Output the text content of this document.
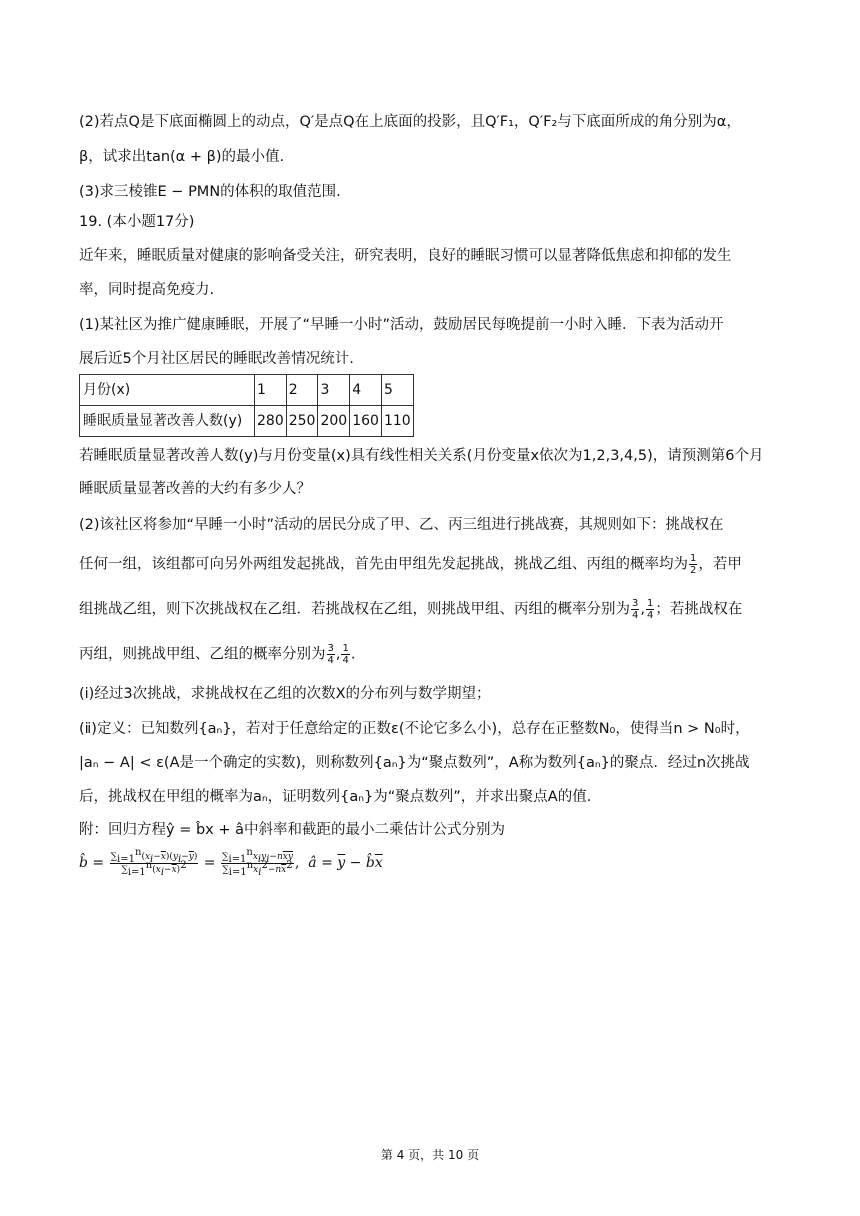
(2)若点Q是下底面椭圆上的动点，Q′是点Q在上底面的投影，且Q′F₁，Q′F₂与下底面所成的角分别为α，
β，试求出tan(α + β)的最小值.
(3)求三棱锥E − PMN的体积的取值范围.
19. (本小题17分)
近年来，睡眠质量对健康的影响备受关注，研究表明，良好的睡眠习惯可以显著降低焦虑和抑郁的发生
率，同时提高免疫力.
(1)某社区为推广健康睡眠，开展了“早睡一小时”活动，鼓励居民每晚提前一小时入睡．下表为活动开
展后近5个月社区居民的睡眠改善情况统计.
月份(x)	1	2	3	4	5
睡眠质量显著改善人数(y)	280	250	200	160	110
若睡眠质量显著改善人数(y)与月份变量(x)具有线性相关关系(月份变量x依次为1,2,3,4,5)，请预测第6个月
睡眠质量显著改善的大约有多少人？
(2)该社区将参加“早睡一小时”活动的居民分成了甲、乙、丙三组进行挑战赛，其规则如下：挑战权在
任何一组，该组都可向另外两组发起挑战，首先由甲组先发起挑战，挑战乙组、丙组的概率均为 $\frac{1}{2}$ ，若甲
组挑战乙组，则下次挑战权在乙组．若挑战权在乙组，则挑战甲组、丙组的概率分别为 $\frac{3}{4}$ , $\frac{1}{4}$ ；若挑战权在
丙组，则挑战甲组、乙组的概率分别为 $\frac{3}{4}$ , $\frac{1}{4}$ .
(ⅰ)经过3次挑战，求挑战权在乙组的次数X的分布列与数学期望；
(ⅱ)定义：已知数列{aₙ}，若对于任意给定的正数ε(不论它多么小)，总存在正整数N₀，使得当n > N₀时，
|aₙ − A| < ε(A是一个确定的实数)，则称数列{aₙ}为“聚点数列”，A称为数列{aₙ}的聚点．经过n次挑战
后，挑战权在甲组的概率为aₙ，证明数列{aₙ}为“聚点数列”，并求出聚点A的值.
附：回归方程ŷ = b̂x + â中斜率和截距的最小二乘估计公式分别为
b̂ = $\frac{\sum_{i=1}^n(x_i-\overline{x})(y_i-\overline{y})}{\sum_{i=1}^n(x_i-\overline{x})^2} = \frac{\sum_{i=1}^nx_iy_i-n\overline{xy}}{\sum_{i=1}^nx_i^2-n\overline{x}^2}$ ,  â = $\overline{y}$ − $b̂\overline{x}$
第 4 页，共 10 页
